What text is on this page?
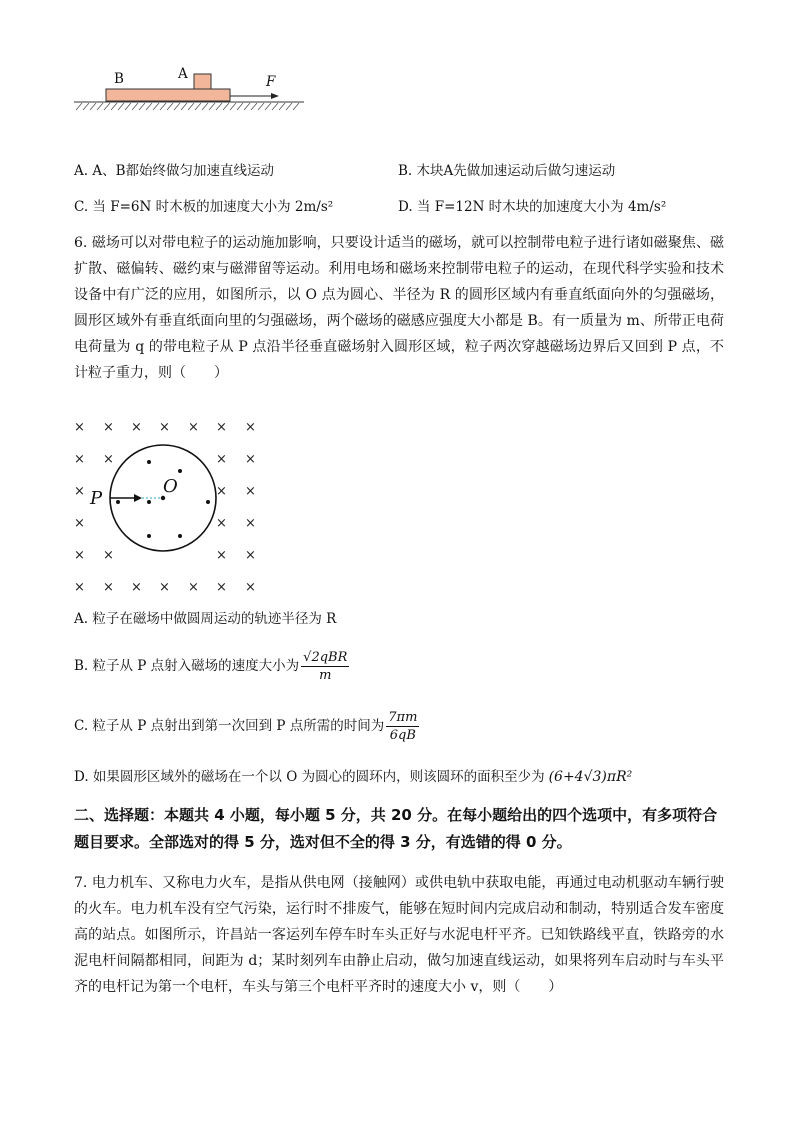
B	A	F
A. A、B都始终做匀加速直线运动	B. 木块A先做加速运动后做匀速运动
C. 当 F=6N 时木板的加速度大小为 2m/s²	D. 当 F=12N 时木块的加速度大小为 4m/s²
6. 磁场可以对带电粒子的运动施加影响，只要设计适当的磁场，就可以控制带电粒子进行诸如磁聚焦、磁扩散、磁偏转、磁约束与磁滞留等运动。利用电场和磁场来控制带电粒子的运动，在现代科学实验和技术设备中有广泛的应用，如图所示，以 O 点为圆心、半径为 R 的圆形区域内有垂直纸面向外的匀强磁场，圆形区域外有垂直纸面向里的匀强磁场，两个磁场的磁感应强度大小都是 B。有一质量为 m、所带正电荷电荷量为 q 的带电粒子从 P 点沿半径垂直磁场射入圆形区域，粒子两次穿越磁场边界后又回到 P 点，不计粒子重力，则（　　）
× × × × × × ×
× ×	× ×
×	× ×
×	× ×
× ×	× ×
× × × × × × ×
P
O
A. 粒子在磁场中做圆周运动的轨迹半径为 R
B. 粒子从 P 点射入磁场的速度大小为 $\frac{\text{√2qBR}}{m}$
C. 粒子从 P 点射出到第一次回到 P 点所需的时间为 $\frac{7\pi m}{6qB}$
D. 如果圆形区域外的磁场在一个以 O 为圆心的圆环内，则该圆环的面积至少为 (6+4√3)πR²
二、选择题：本题共 4 小题，每小题 5 分，共 20 分。在每小题给出的四个选项中，有多项符合题目要求。全部选对的得 5 分，选对但不全的得 3 分，有选错的得 0 分。
7. 电力机车、又称电力火车，是指从供电网（接触网）或供电轨中获取电能，再通过电动机驱动车辆行驶的火车。电力机车没有空气污染，运行时不排废气，能够在短时间内完成启动和制动，特别适合发车密度高的站点。如图所示，许昌站一客运列车停车时车头正好与水泥电杆平齐。已知铁路线平直，铁路旁的水泥电杆间隔都相同，间距为 d；某时刻列车由静止启动，做匀加速直线运动，如果将列车启动时与车头平齐的电杆记为第一个电杆，车头与第三个电杆平齐时的速度大小 v，则（　　）
